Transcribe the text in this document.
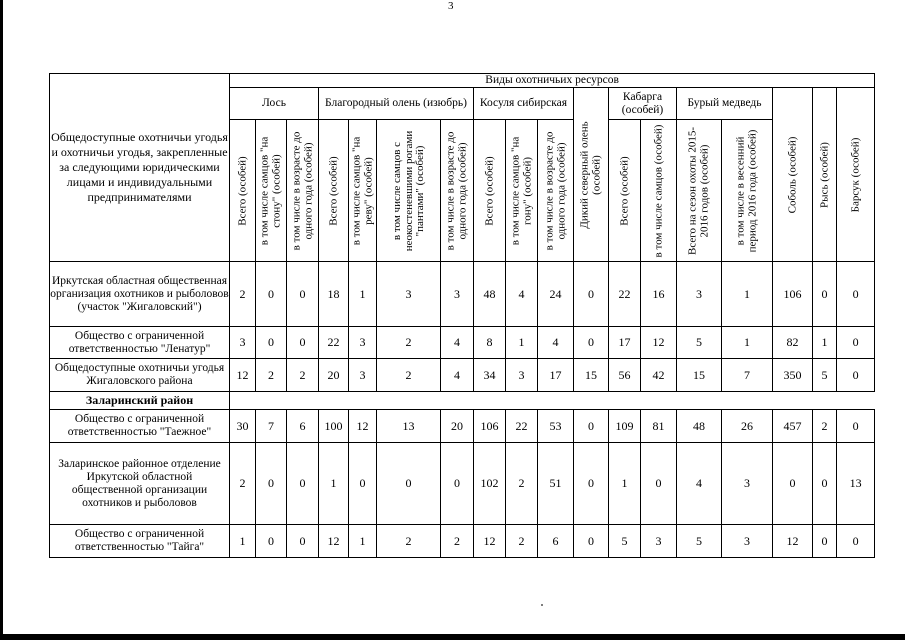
3
Общедоступные охотничьи угодья и охотничьи угодья, закрепленные за следующими юридическими лицами и индивидуальными предпринимателями	Виды охотничьих ресурсов																	
	Лось			Благородный олень (изюбрь)				Косуля сибирская			Дикий северный олень (особей)	Кабарга (особей)		Бурый медведь		Соболь (особей)	Рысь (особей)	Барсук (особей)

	Всего (особей)	в том числе самцов "на стону" (особей)	в том числе в возрасте до одного года (особей)	Всего (особей)	в том числе самцов "на реву" (особей)	в том числе самцов с неокостеневшими рогами "пантами" (особей)	в том числе в возрасте до одного года (особей)	Всего (особей)	в том числе самцов "на гону" (особей)	в том числе в возрасте до одного года (особей)		Всего (особей)	в том числе самцов (особей)	Всего на сезон охоты 2015-2016 годов (особей)	в том числе в весенний период 2016 года (особей)			

Иркутская областная общественная организация охотников и рыболовов (участок "Жигаловский")	2	0	0	18	1	3	3	48	4	24	0	22	16	3	1	106	0	0
Общество с ограниченной ответственностью "Ленатур"	3	0	0	22	3	2	4	8	1	4	0	17	12	5	1	82	1	0
Общедоступные охотничьи угодья Жигаловского района	12	2	2	20	3	2	4	34	3	17	15	56	42	15	7	350	5	0
Заларинский район																		
Общество с ограниченной ответственностью "Таежное"	30	7	6	100	12	13	20	106	22	53	0	109	81	48	26	457	2	0
Заларинское районное отделение Иркутской областной общественной организации охотников и рыболовов	2	0	0	1	0	0	0	102	2	51	0	1	0	4	3	0	0	13
Общество с ограниченной ответственностью "Тайга"	1	0	0	12	1	2	2	12	2	6	0	5	3	5	3	12	0	0
